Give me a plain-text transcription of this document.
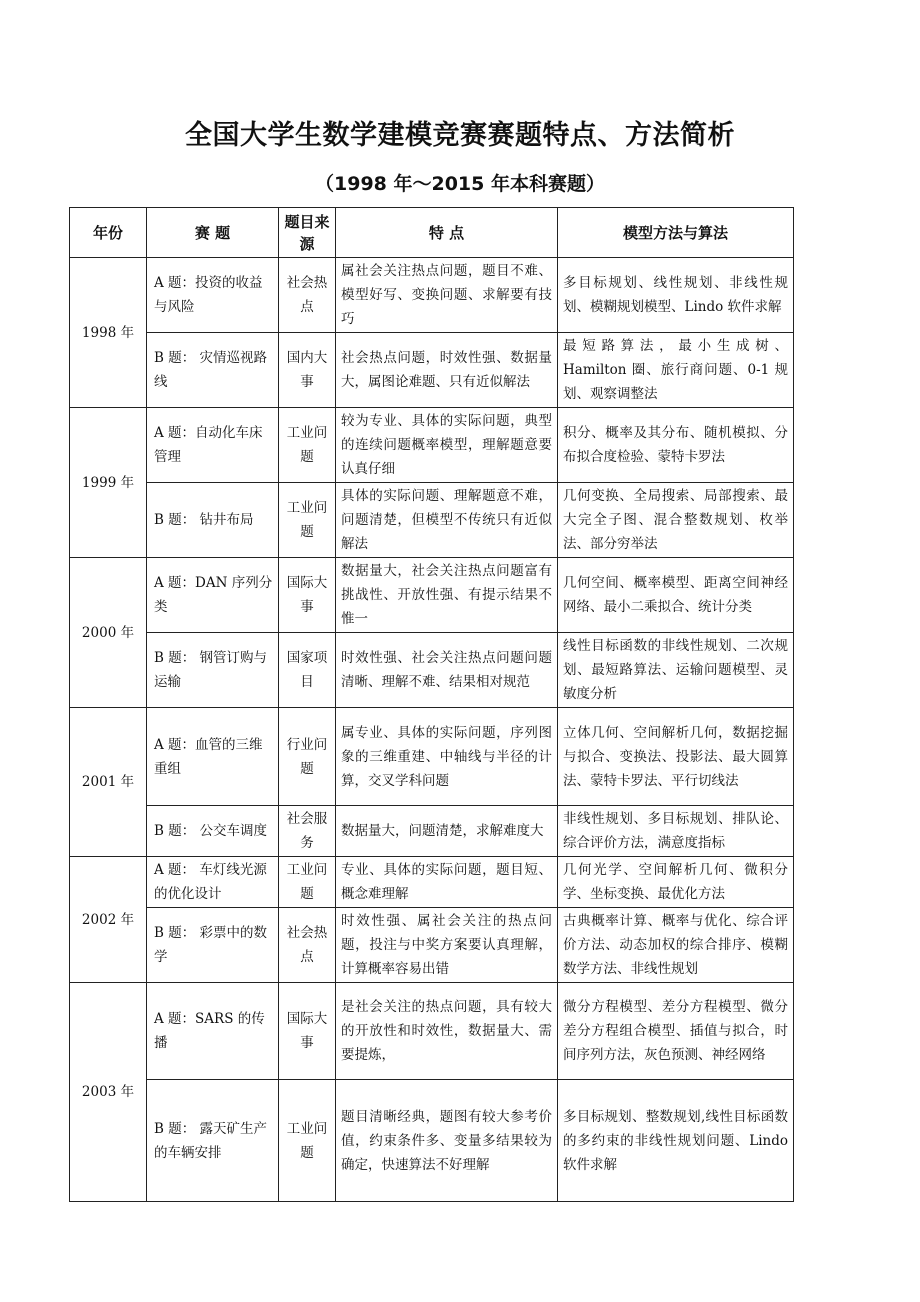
全国大学生数学建模竞赛赛题特点、方法简析
（1998 年～2015 年本科赛题）
年份	赛 题	题目来源	特 点	模型方法与算法
1998 年	A 题：投资的收益与风险	社会热点	属社会关注热点问题，题目不难、模型好写、变换问题、求解要有技巧	多目标规划、线性规划、非线性规划、模糊规划模型、Lindo 软件求解
	B 题： 灾情巡视路线	国内大事	社会热点问题，时效性强、数据量大，属图论难题、只有近似解法	最短路算法，最小生成树、Hamilton 圈、旅行商问题、0-1 规划、观察调整法
1999 年	A 题：自动化车床管理	工业问题	较为专业、具体的实际问题，典型的连续问题概率模型，理解题意要认真仔细	积分、概率及其分布、随机模拟、分布拟合度检验、蒙特卡罗法
	B 题： 钻井布局	工业问题	具体的实际问题、理解题意不难，问题清楚，但模型不传统只有近似解法	几何变换、全局搜索、局部搜索、最大完全子图、混合整数规划、枚举法、部分穷举法
2000 年	A 题：DAN 序列分类	国际大事	数据量大，社会关注热点问题富有挑战性、开放性强、有提示结果不惟一	几何空间、概率模型、距离空间神经网络、最小二乘拟合、统计分类
	B 题： 钢管订购与运输	国家项目	时效性强、社会关注热点问题问题清晰、理解不难、结果相对规范	线性目标函数的非线性规划、二次规划、最短路算法、运输问题模型、灵敏度分析
2001 年	A 题：血管的三维重组	行业问题	属专业、具体的实际问题，序列图象的三维重建、中轴线与半径的计算，交叉学科问题	立体几何、空间解析几何，数据挖掘与拟合、变换法、投影法、最大圆算法、蒙特卡罗法、平行切线法
	B 题： 公交车调度	社会服务	数据量大，问题清楚，求解难度大	非线性规划、多目标规划、排队论、综合评价方法，满意度指标
2002 年	A 题： 车灯线光源的优化设计	工业问题	专业、具体的实际问题，题目短、概念难理解	几何光学、空间解析几何、微积分学、坐标变换、最优化方法
	B 题： 彩票中的数学	社会热点	时效性强、属社会关注的热点问题，投注与中奖方案要认真理解，计算概率容易出错	古典概率计算、概率与优化、综合评价方法、动态加权的综合排序、模糊数学方法、非线性规划
2003 年	A 题：SARS 的传播	国际大事	是社会关注的热点问题，具有较大的开放性和时效性，数据量大、需要提炼，	微分方程模型、差分方程模型、微分差分方程组合模型、插值与拟合，时间序列方法，灰色预测、神经网络
	B 题： 露天矿生产的车辆安排	工业问题	题目清晰经典，题图有较大参考价值，约束条件多、变量多结果较为确定，快速算法不好理解	多目标规划、整数规划,线性目标函数的多约束的非线性规划问题、Lindo 软件求解
